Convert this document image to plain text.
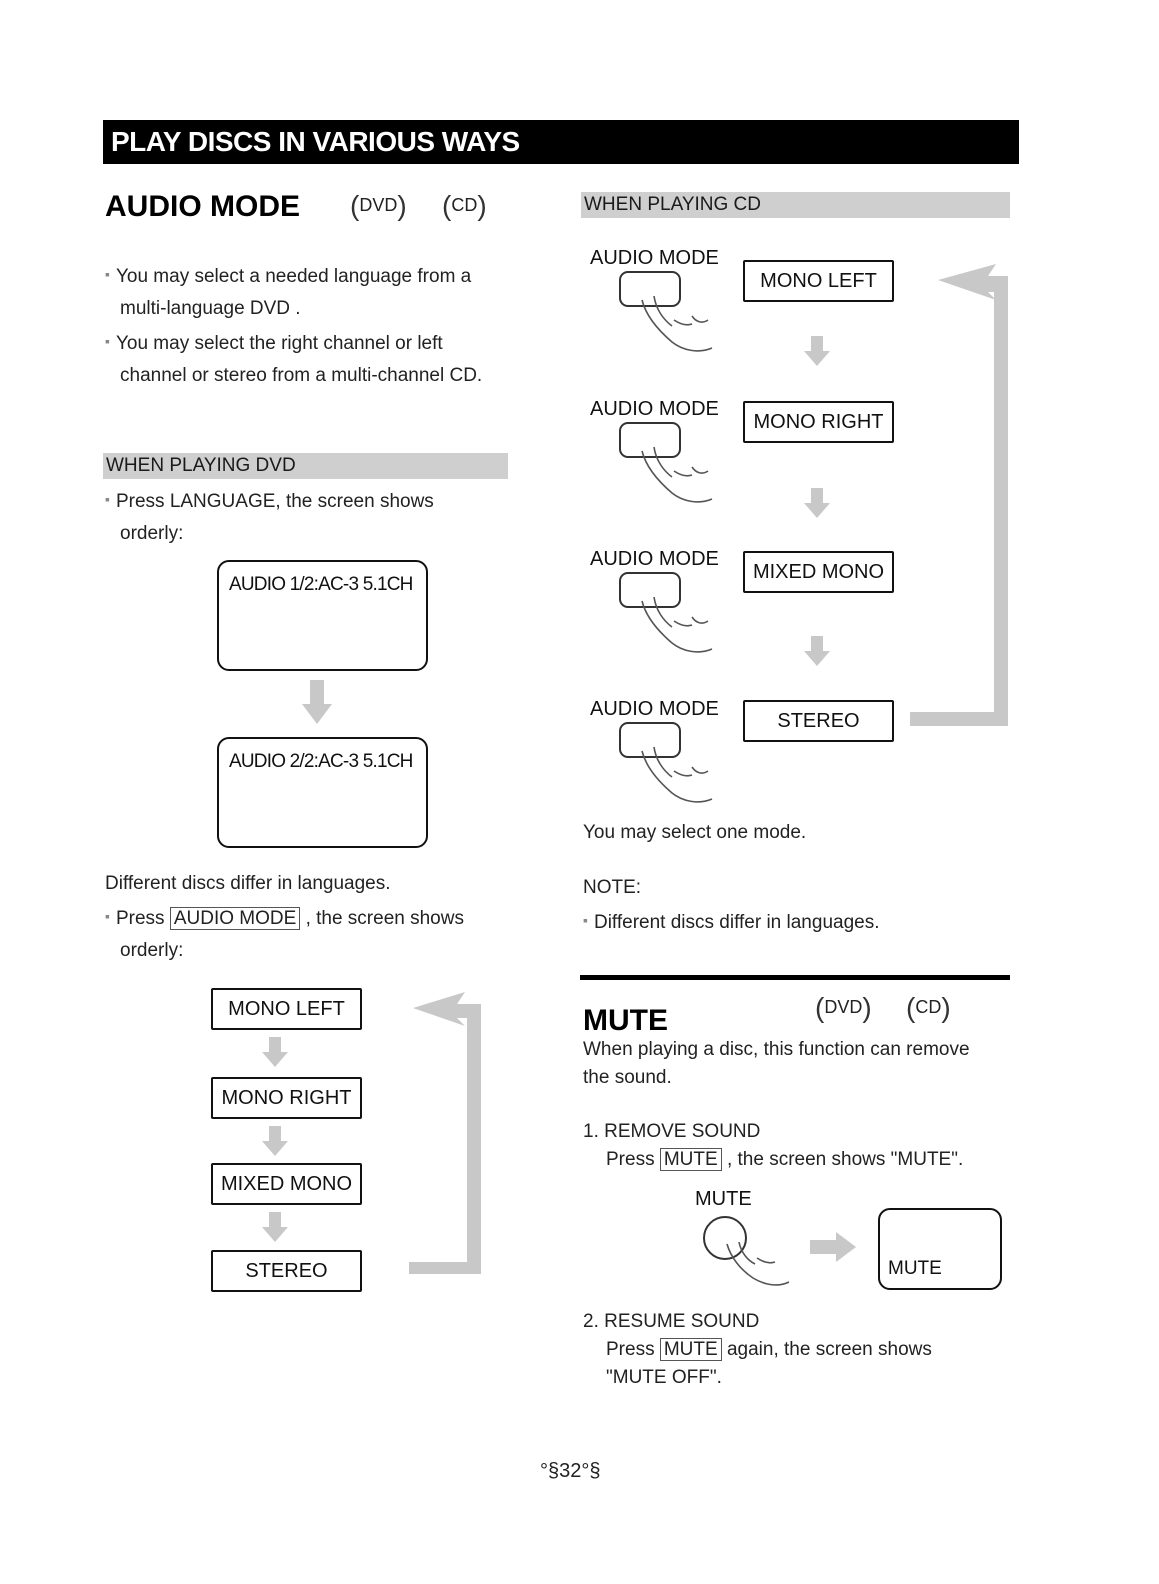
PLAY DISCS IN VARIOUS WAYS
AUDIO MODE (DVD) (CD)
▪ You may select a needed language from a
multi-language DVD .
▪ You may select the right channel or left
channel or stereo from a multi-channel CD.
WHEN PLAYING DVD
▪ Press LANGUAGE, the screen shows
orderly:
AUDIO 1/2:AC-3 5.1CH
AUDIO 2/2:AC-3 5.1CH
Different discs differ in languages.
▪ Press AUDIO MODE , the screen shows
orderly:
MONO LEFT
MONO RIGHT
MIXED MONO
STEREO
WHEN PLAYING CD
AUDIO MODE
MONO LEFT
AUDIO MODE
MONO RIGHT
AUDIO MODE
MIXED MONO
AUDIO MODE
STEREO
You may select one mode.
NOTE:
▪ Different discs differ in languages.
MUTE	(DVD) (CD)
When playing a disc, this function can remove
the sound.
1. REMOVE SOUND
Press MUTE , the screen shows "MUTE".
MUTE
MUTE
2. RESUME SOUND
Press MUTE again, the screen shows
"MUTE OFF".
°§32°§
